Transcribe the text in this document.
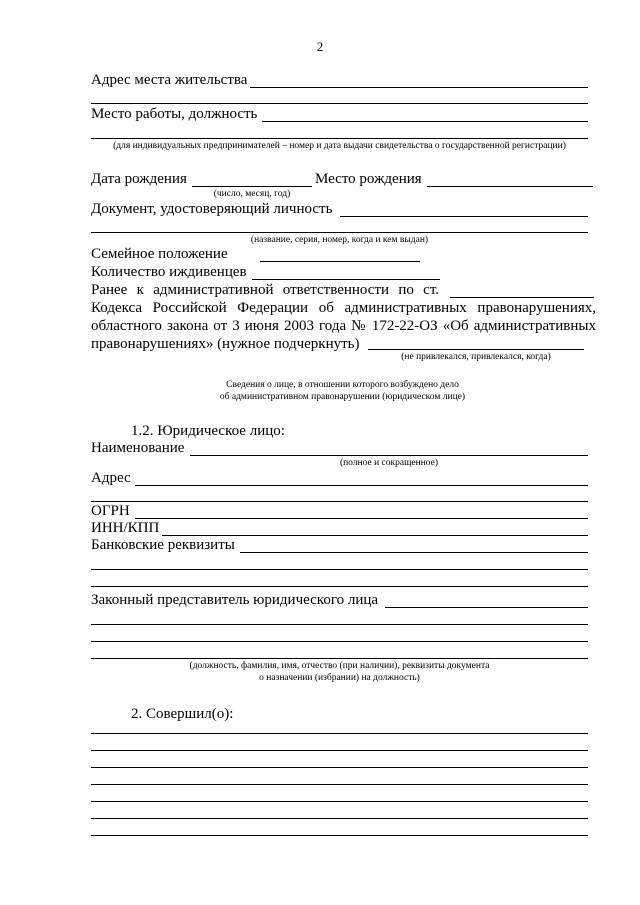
2
Адрес места жительства
Место работы, должность
(для индивидуальных предпринимателей – номер и дата выдачи свидетельства о государственной регистрации)
Дата рождения
(число, месяц, год)
Место рождения
Документ, удостоверяющий личность
(название, серия, номер, когда и кем выдан)
Семейное положение
Количество иждивенцев
Ранее к административной ответственности по ст.
Кодекса Российской Федерации об административных правонарушениях,
областного закона от 3 июня 2003 года № 172-22-ОЗ «Об административных
правонарушениях» (нужное подчеркнуть)
(не привлекался, привлекался, когда)
Сведения о лице, в отношении которого возбуждено дело
об административном правонарушении (юридическом лице)
1.2. Юридическое лицо:
Наименование
(полное и сокращенное)
Адрес
ОГРН
ИНН/КПП
Банковские реквизиты
Законный представитель юридического лица
(должность, фамилия, имя, отчество (при наличии), реквизиты документа
о назначении (избрании) на должность)
2. Совершил(о):
